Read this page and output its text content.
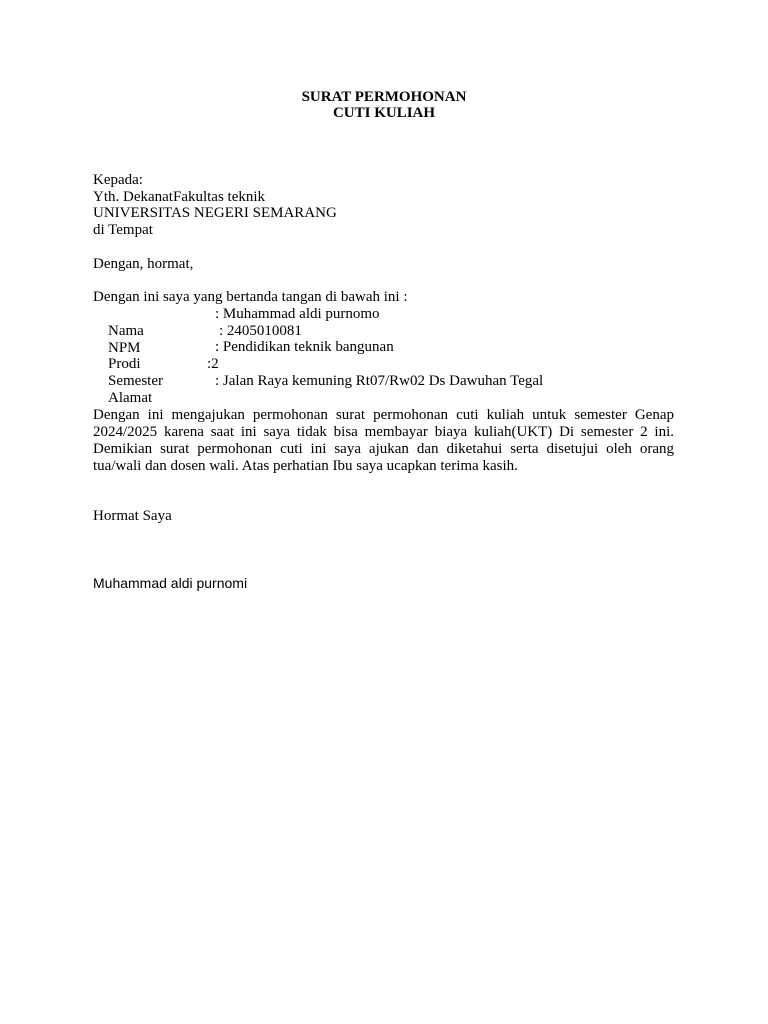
SURAT PERMOHONAN
CUTI KULIAH
Kepada:
Yth. DekanatFakultas teknik
UNIVERSITAS NEGERI SEMARANG
di Tempat
Dengan, hormat,
Dengan ini saya yang bertanda tangan di bawah ini :

Nama

: Muhammad aldi purnomo

NPM

: 2405010081

Prodi

: Pendidikan teknik bangunan

Semester

:2

Alamat

: Jalan Raya kemuning Rt07/Rw02 Ds Dawuhan Tegal

Dengan ini mengajukan permohonan surat permohonan cuti kuliah untuk semester Genap 2024/2025 karena saat ini saya tidak bisa membayar biaya kuliah(UKT) Di semester 2 ini. Demikian surat permohonan cuti ini saya ajukan dan diketahui serta disetujui oleh orang tua/wali dan dosen wali. Atas perhatian Ibu saya ucapkan terima kasih.
Hormat Saya
Muhammad aldi purnomi
